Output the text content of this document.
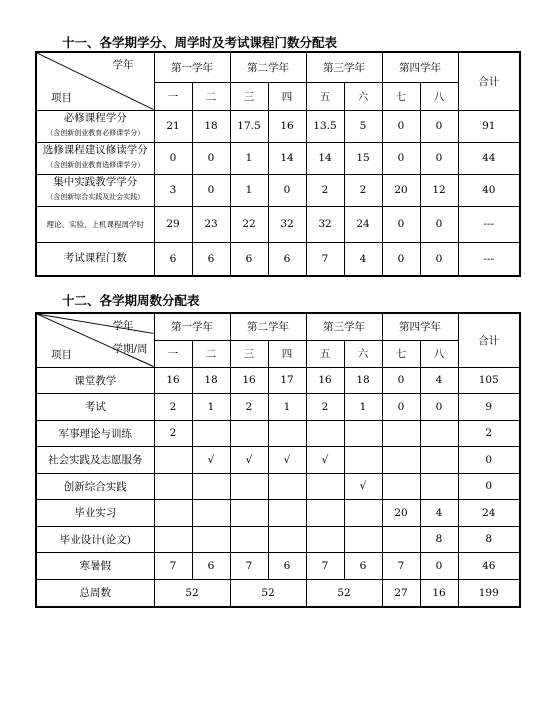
十一、各学期学分、周学时及考试课程门数分配表
学年
项目	第一学年		第二学年		第三学年		第四学年		合计
	一	二	三	四	五	六	七	八	
必修课程学分
（含创新创业教育必修课学分）	21	18	17.5	16	13.5	5	0	0	91
选修课程建议修读学分
（含创新创业教育选修课学分）	0	0	1	14	14	15	0	0	44
集中实践教学学分
（含创新综合实践及社会实践）	3	0	1	0	2	2	20	12	40
理论、实验、上机课程周学时	29	23	22	32	32	24	0	0	---
考试课程门数	6	6	6	6	7	4	0	0	---
十二、各学期周数分配表
学年
学期/周
项目	第一学年		第二学年		第三学年		第四学年		合计
	一	二	三	四	五	六	七	八	
课堂教学	16	18	16	17	16	18	0	4	105
考试	2	1	2	1	2	1	0	0	9
军事理论与训练	2								2
社会实践及志愿服务		√	√	√	√				0
创新综合实践						√			0
毕业实习							20	4	24
毕业设计(论文)								8	8
寒暑假	7	6	7	6	7	6	7	0	46
总周数	52		52		52		27	16	199
